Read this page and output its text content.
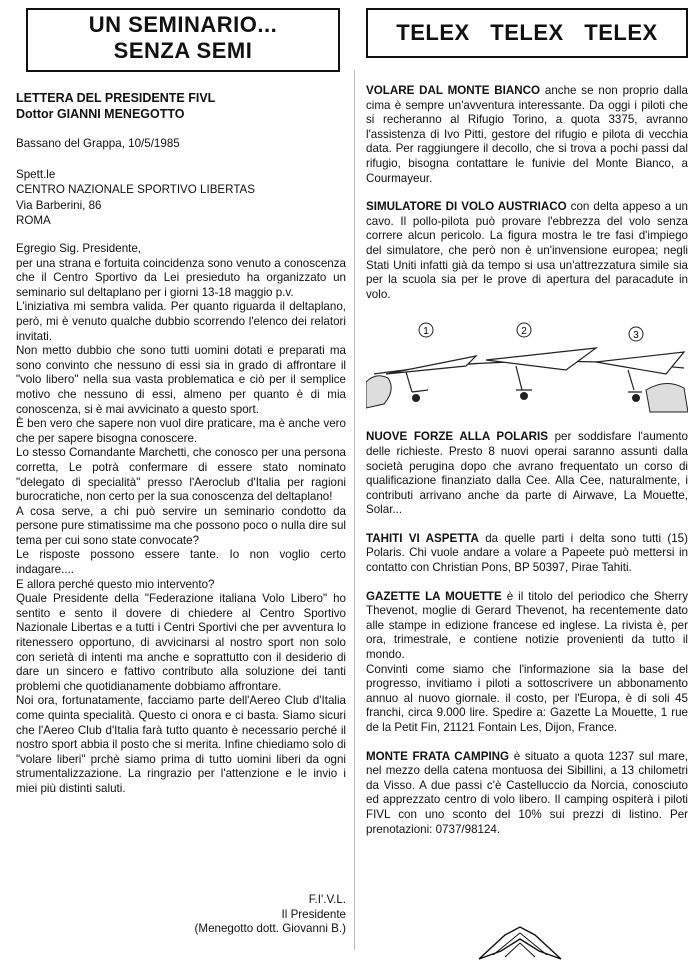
UN SEMINARIO...
SENZA SEMI
LETTERA DEL PRESIDENTE FIVL
Dottor GIANNI MENEGOTTO
Bassano del Grappa, 10/5/1985
Spett.le
CENTRO NAZIONALE SPORTIVO LIBERTAS
Via Barberini, 86
ROMA

Egregio Sig. Presidente,

per una strana e fortuita coincidenza sono venuto a conoscenza che il Centro Sportivo da Lei presieduto ha organizzato un seminario sul deltaplano per i giorni 13-18 maggio p.v.

L'iniziativa mi sembra valida. Per quanto riguarda il deltaplano, però, mi è venuto qualche dubbio scorrendo l'elenco dei relatori invitati.

Non metto dubbio che sono tutti uomini dotati e preparati ma sono convinto che nessuno di essi sia in grado di affrontare il "volo libero" nella sua vasta problematica e ciò per il semplice motivo che nessuno di essi, almeno per quanto è di mia conoscenza, si è mai avvicinato a questo sport.

È ben vero che sapere non vuol dire praticare, ma è anche vero che per sapere bisogna conoscere.

Lo stesso Comandante Marchetti, che conosco per una persona corretta, Le potrà confermare di essere stato nominato "delegato di specialità" presso l'Aeroclub d'Italia per ragioni burocratiche, non certo per la sua conoscenza del deltaplano!

A cosa serve, a chi può servire un seminario condotto da persone pure stimatissime ma che possono poco o nulla dire sul tema per cui sono state convocate?

Le risposte possono essere tante. Io non voglio certo indagare....

E allora perché questo mio intervento?

Quale Presidente della "Federazione italiana Volo Libero" ho sentito e sento il dovere di chiedere al Centro Sportivo Nazionale Libertas e a tutti i Centri Sportivi che per avventura lo ritenessero opportuno, di avvicinarsi al nostro sport non solo con serietà di intenti ma anche e soprattutto con il desiderio di dare un sincero e fattivo contributo alla soluzione dei tanti problemi che quotidianamente dobbiamo affrontare.

Noi ora, fortunatamente, facciamo parte dell'Aereo Club d'Italia come quinta specialità. Questo ci onora e ci basta. Siamo sicuri che l'Aereo Club d'Italia farà tutto quanto è necessario perché il nostro sport abbia il posto che si merita. Infine chiediamo solo di "volare liberi" prchè siamo prima di tutto uomini liberi da ogni strumentalizzazione. La ringrazio per l'attenzione e le invio i miei più distinti saluti.

F.I'.V.L.
Il Presidente
(Menegotto dott. Giovanni B.)
TELEX TELEX TELEX

VOLARE DAL MONTE BIANCO anche se non proprio dalla cima è sempre un'avventura interessante. Da oggi i piloti che si recheranno al Rifugio Torino, a quota 3375, avranno l'assistenza di Ivo Pitti, gestore del rifugio e pilota di vecchia data. Per raggiungere il decollo, che si trova a pochi passi dal rifugio, bisogna contattare le funivie del Monte Bianco, a Courmayeur.

SIMULATORE DI VOLO AUSTRIACO con delta appeso a un cavo. Il pollo-pilota può provare l'ebbrezza del volo senza correre alcun pericolo. La figura mostra le tre fasi d'impiego del simulatore, che però non è un'invensione europea; negli Stati Uniti infatti già da tempo si usa un'attrezzatura simile sia per la scuola sia per le prove di apertura del paracadute in volo.

1	2	3

NUOVE FORZE ALLA POLARIS per soddisfare l'aumento delle richieste. Presto 8 nuovi operai saranno assunti dalla società perugina dopo che avrano frequentato un corso di qualificazione finanziato dalla Cee. Alla Cee, naturalmente, i contributi arrivano anche da parte di Airwave, La Mouette, Solar...

TAHITI VI ASPETTA da quelle parti i delta sono tutti (15) Polaris. Chi vuole andare a volare a Papeete può mettersi in contatto con Christian Pons, BP 50397, Pirae Tahiti.

GAZETTE LA MOUETTE è il titolo del periodico che Sherry Thevenot, moglie di Gerard Thevenot, ha recentemente dato alle stampe in edizione francese ed inglese. La rivista è, per ora, trimestrale, e contiene notizie provenienti da tutto il mondo.

Convinti come siamo che l'informazione sia la base del progresso, invitiamo i piloti a sottoscrivere un abbonamento annuo al nuovo giornale. il costo, per l'Europa, è di soli 45 franchi, circa 9.000 lire. Spedire a: Gazette La Mouette, 1 rue de la Petit Fin, 21121 Fontain Les, Dijon, France.

MONTE FRATA CAMPING è situato a quota 1237 sul mare, nel mezzo della catena montuosa dei Sibillini, a 13 chilometri da Visso. A due passi c'è Castelluccio da Norcia, conosciuto ed apprezzato centro di volo libero. Il camping ospiterà i piloti FIVL con uno sconto del 10% sui prezzi di listino. Per prenotazioni: 0737/98124.
